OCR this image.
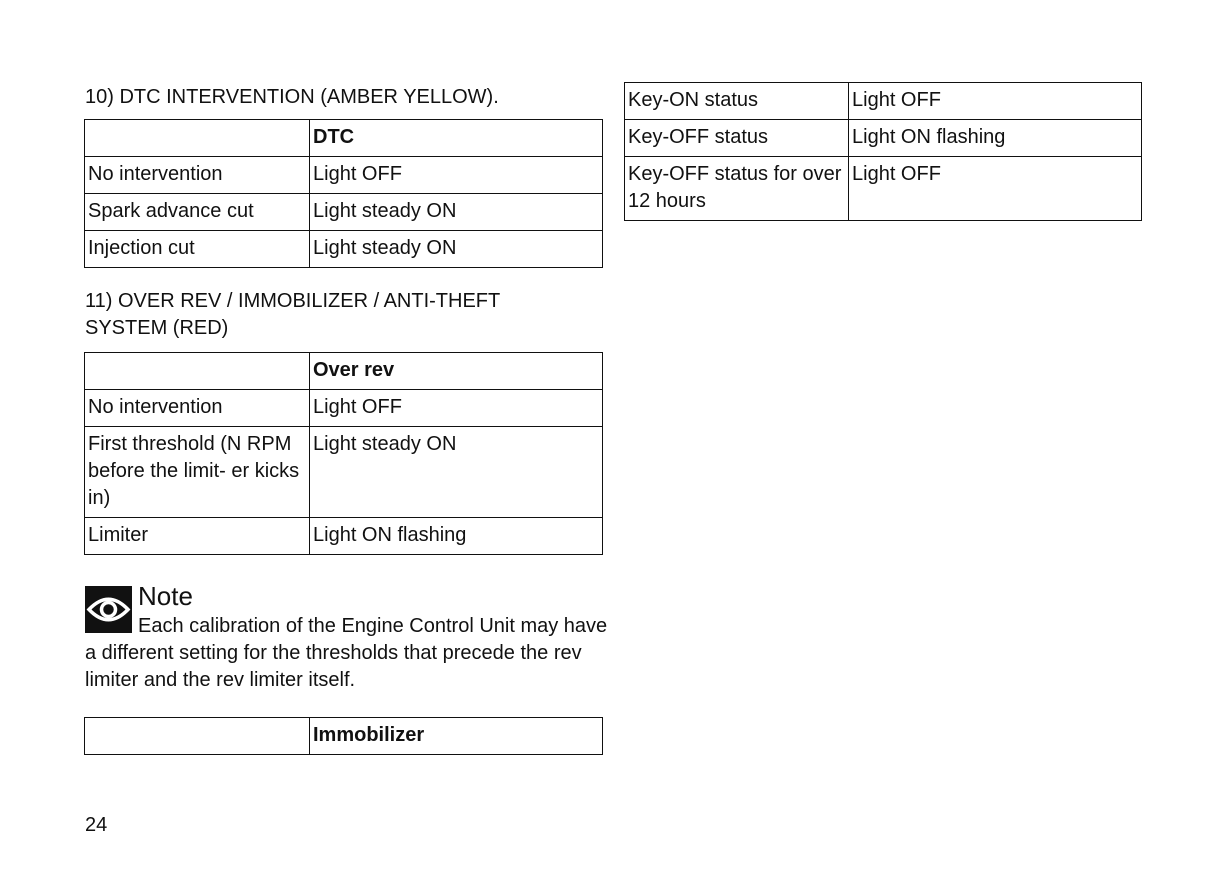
10) DTC INTERVENTION (AMBER YELLOW).
	DTC
No intervention	Light OFF
Spark advance cut	Light steady ON
Injection cut	Light steady ON
11) OVER REV / IMMOBILIZER / ANTI-THEFT
SYSTEM (RED)
	Over rev
No intervention	Light OFF
First threshold (N RPM before the limit- er kicks in)	Light steady ON
Limiter	Light ON flashing
Note
Each calibration of the Engine Control Unit may have a different setting for the thresholds that precede the rev limiter and the rev limiter itself.
	Immobilizer
Key-ON status	Light OFF
Key-OFF status	Light ON flashing
Key-OFF status for over 12 hours	Light OFF
24
